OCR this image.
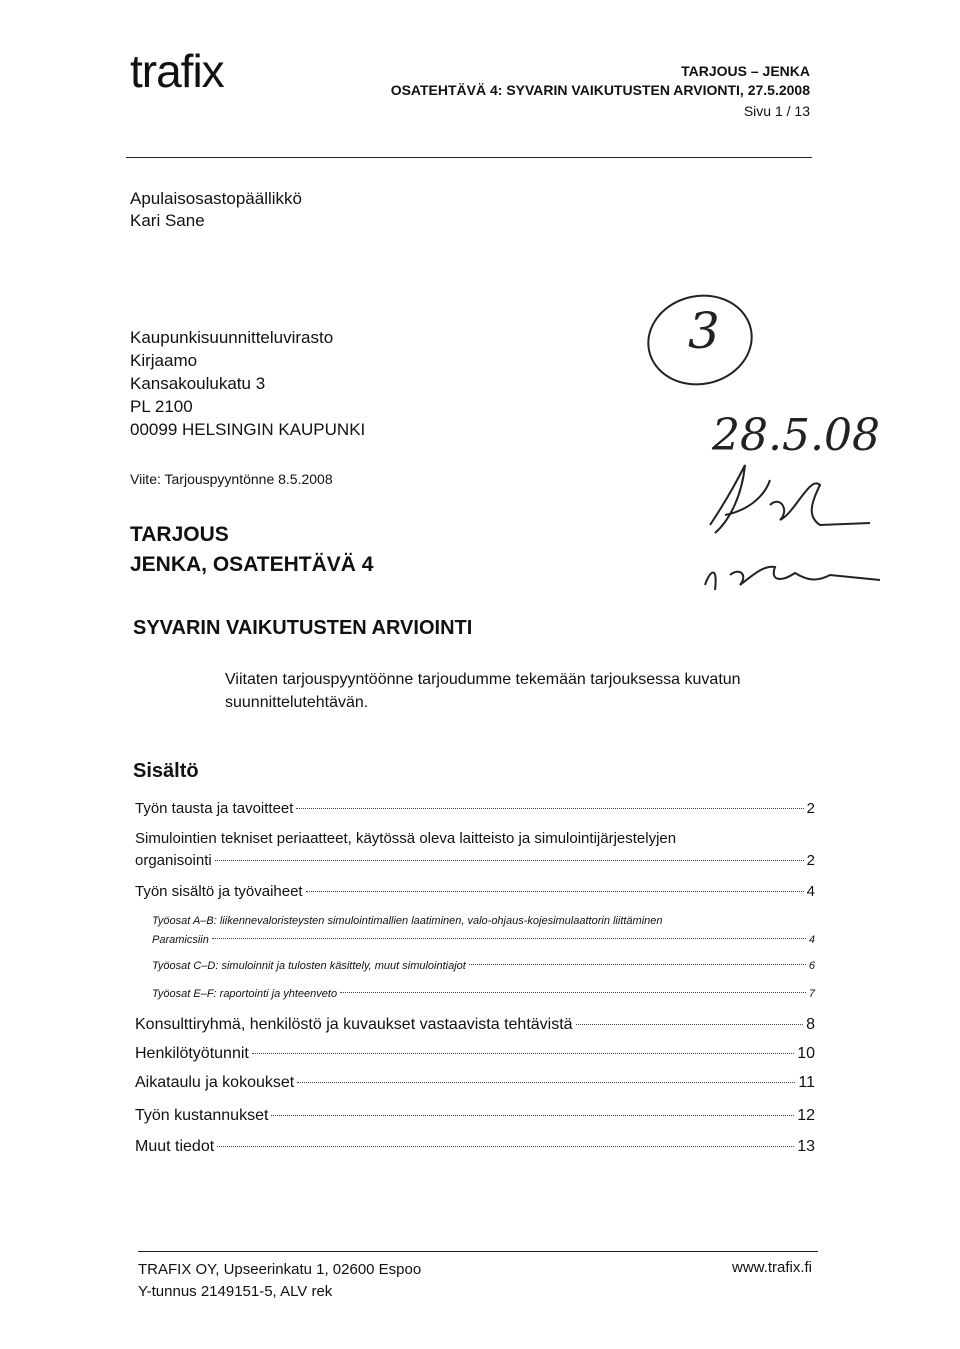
trafix	TARJOUS – JENKA
OSATEHTÄVÄ 4: SYVARIN VAIKUTUSTEN ARVIONTI, 27.5.2008
Sivu 1 / 13
Apulaisosastopäällikkö
Kari Sane
Kaupunkisuunnitteluvirasto
Kirjaamo
Kansakoulukatu 3
PL 2100
00099 HELSINGIN KAUPUNKI
Viite: Tarjouspyyntönne 8.5.2008
TARJOUS
JENKA, OSATEHTÄVÄ 4
SYVARIN VAIKUTUSTEN ARVIOINTI
Viitaten tarjouspyyntöönne tarjoudumme tekemään tarjouksessa kuvatun suunnittelutehtävän.
3
28.5.08
Sisältö
Työn tausta ja tavoitteet	2
Simulointien tekniset periaatteet, käytössä oleva laitteisto ja simulointijärjestelyjen
organisointi	2
Työn sisältö ja työvaiheet	4
Työosat A–B: liikennevaloristeysten simulointimallien laatiminen, valo-ohjaus-kojesimulaattorin liittäminen
Paramicsiin	4
Työosat C–D: simuloinnit ja tulosten käsittely, muut simulointiajot	6
Työosat E–F: raportointi ja yhteenveto	7
Konsulttiryhmä, henkilöstö ja kuvaukset vastaavista tehtävistä	8
Henkilötyötunnit	10
Aikataulu ja kokoukset	11
Työn kustannukset	12
Muut tiedot	13
TRAFIX OY, Upseerinkatu 1, 02600 Espoo
Y-tunnus 2149151-5, ALV rek
www.trafix.fi
